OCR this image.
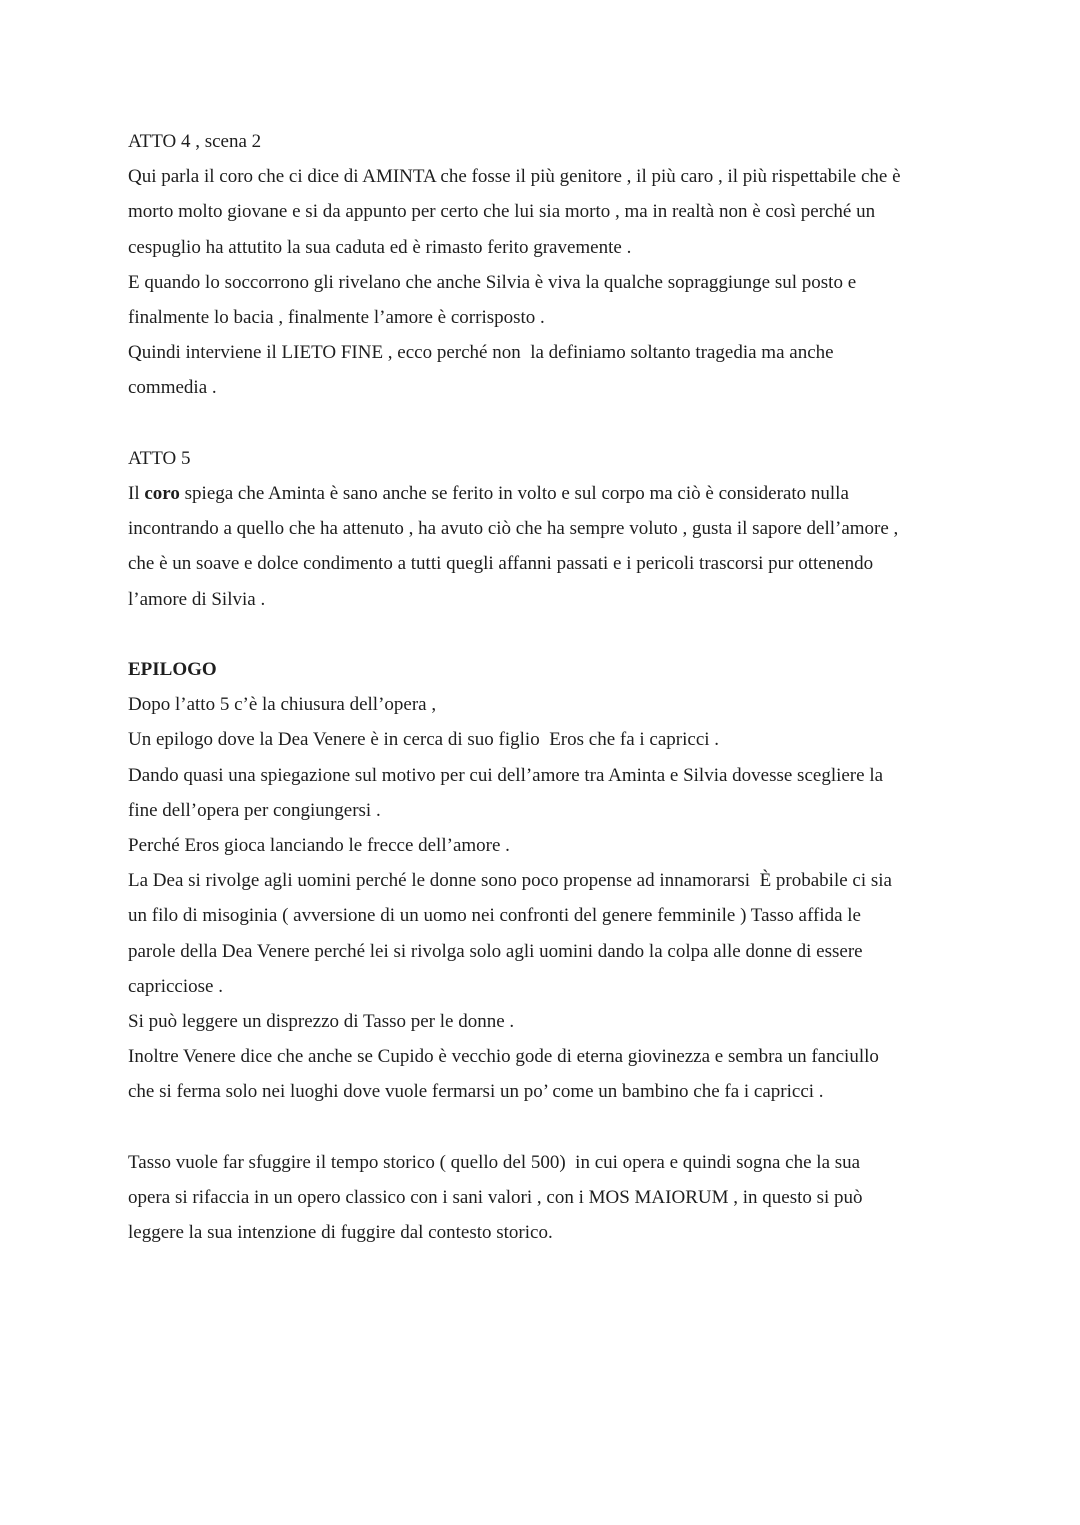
ATTO 4 , scena 2
Qui parla il coro che ci dice di AMINTA che fosse il più genitore , il più caro , il più rispettabile che è
morto molto giovane e si da appunto per certo che lui sia morto , ma in realtà non è così perché un
cespuglio ha attutito la sua caduta ed è rimasto ferito gravemente .
E quando lo soccorrono gli rivelano che anche Silvia è viva la qualche sopraggiunge sul posto e
finalmente lo bacia , finalmente l’amore è corrisposto .
Quindi interviene il LIETO FINE , ecco perché non  la definiamo soltanto tragedia ma anche
commedia .
ATTO 5
Il coro spiega che Aminta è sano anche se ferito in volto e sul corpo ma ciò è considerato nulla
incontrando a quello che ha attenuto , ha avuto ciò che ha sempre voluto , gusta il sapore dell’amore ,
che è un soave e dolce condimento a tutti quegli affanni passati e i pericoli trascorsi pur ottenendo
l’amore di Silvia .
EPILOGO
Dopo l’atto 5 c’è la chiusura dell’opera ,
Un epilogo dove la Dea Venere è in cerca di suo figlio  Eros che fa i capricci .
Dando quasi una spiegazione sul motivo per cui dell’amore tra Aminta e Silvia dovesse scegliere la
fine dell’opera per congiungersi .
Perché Eros gioca lanciando le frecce dell’amore .
La Dea si rivolge agli uomini perché le donne sono poco propense ad innamorarsi  È probabile ci sia
un filo di misoginia ( avversione di un uomo nei confronti del genere femminile ) Tasso affida le
parole della Dea Venere perché lei si rivolga solo agli uomini dando la colpa alle donne di essere
capricciose .
Si può leggere un disprezzo di Tasso per le donne .
Inoltre Venere dice che anche se Cupido è vecchio gode di eterna giovinezza e sembra un fanciullo
che si ferma solo nei luoghi dove vuole fermarsi un po’ come un bambino che fa i capricci .
Tasso vuole far sfuggire il tempo storico ( quello del 500)  in cui opera e quindi sogna che la sua
opera si rifaccia in un opero classico con i sani valori , con i MOS MAIORUM , in questo si può
leggere la sua intenzione di fuggire dal contesto storico.
